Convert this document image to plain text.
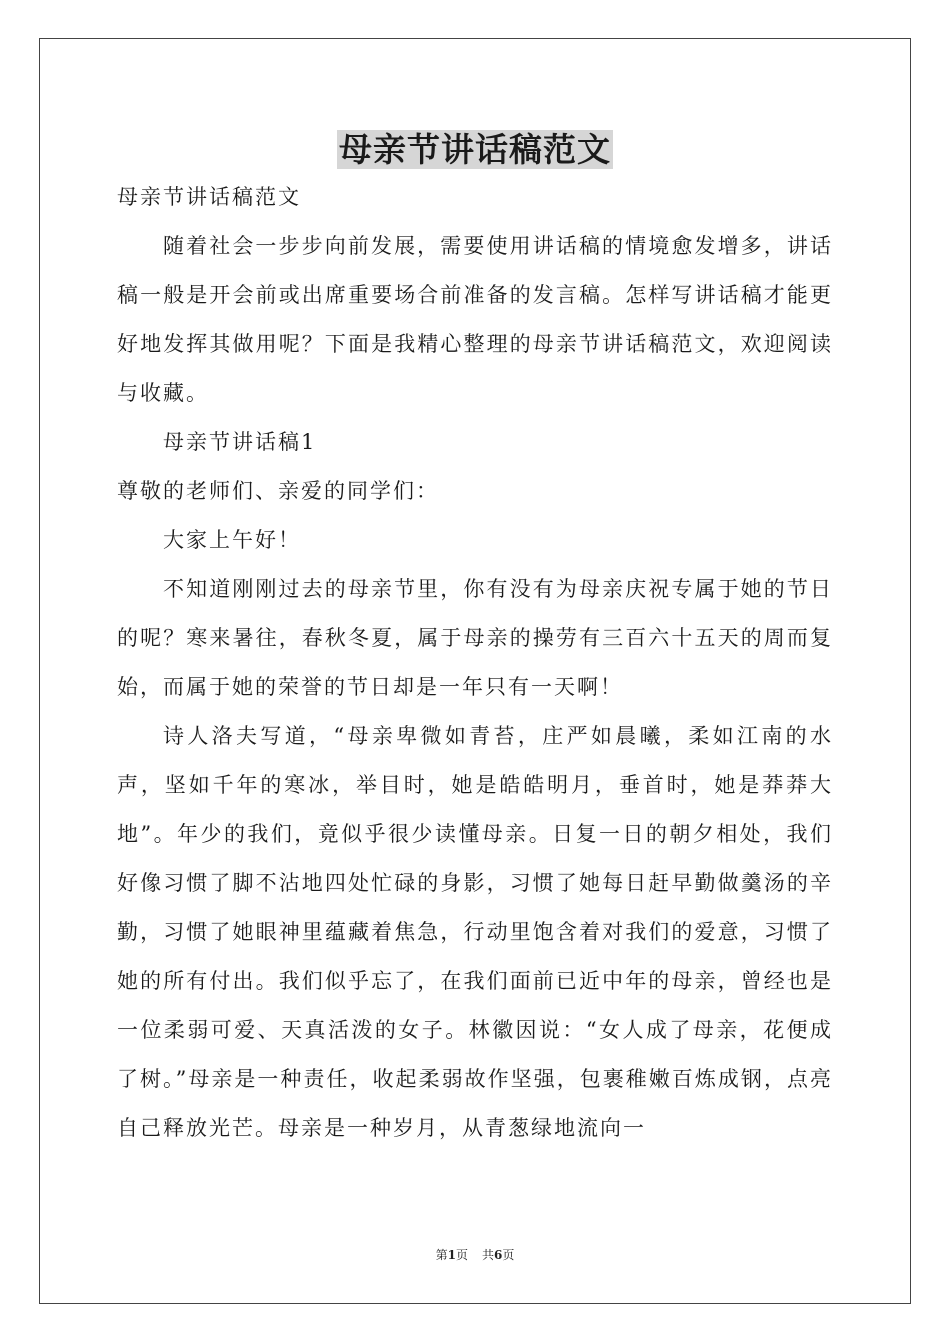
母亲节讲话稿范文

母亲节讲话稿范文

随着社会一步步向前发展，需要使用讲话稿的情境愈发增多，讲话稿一般是开会前或出席重要场合前准备的发言稿。怎样写讲话稿才能更好地发挥其做用呢？下面是我精心整理的母亲节讲话稿范文，欢迎阅读与收藏。

母亲节讲话稿1

尊敬的老师们、亲爱的同学们：

大家上午好！

不知道刚刚过去的母亲节里，你有没有为母亲庆祝专属于她的节日的呢？寒来暑往，春秋冬夏，属于母亲的操劳有三百六十五天的周而复始，而属于她的荣誉的节日却是一年只有一天啊！

诗人洛夫写道，“母亲卑微如青苔，庄严如晨曦，柔如江南的水声，坚如千年的寒冰，举目时，她是皓皓明月，垂首时，她是莽莽大地”。年少的我们，竟似乎很少读懂母亲。日复一日的朝夕相处，我们好像习惯了脚不沾地四处忙碌的身影，习惯了她每日赶早勤做羹汤的辛勤，习惯了她眼神里蕴藏着焦急，行动里饱含着对我们的爱意，习惯了她的所有付出。我们似乎忘了，在我们面前已近中年的母亲，曾经也是一位柔弱可爱、天真活泼的女子。林徽因说：“女人成了母亲，花便成了树。”母亲是一种责任，收起柔弱故作坚强，包裹稚嫩百炼成钢，点亮自己释放光芒。母亲是一种岁月，从青葱绿地流向一

第1页 共6页
